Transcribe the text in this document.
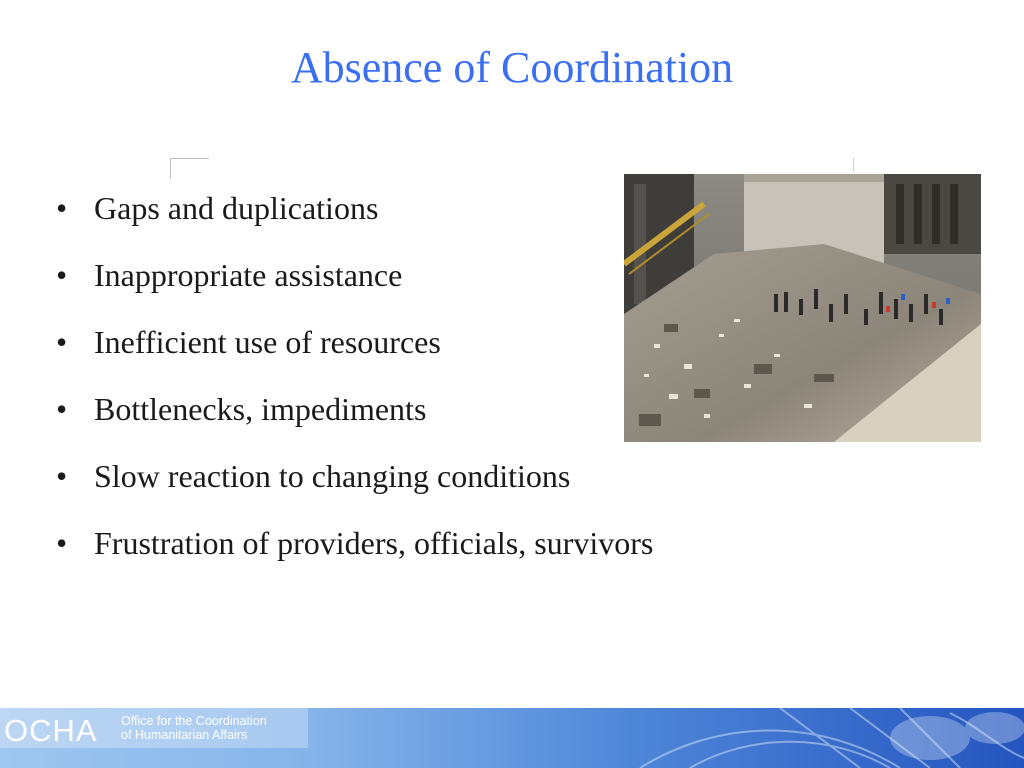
Absence of Coordination
• Gaps and duplications
• Inappropriate assistance
• Inefficient use of resources
• Bottlenecks, impediments
• Slow reaction to changing conditions
• Frustration of providers, officials, survivors
OCHA Office for the Coordination
of Humanitarian Affairs
